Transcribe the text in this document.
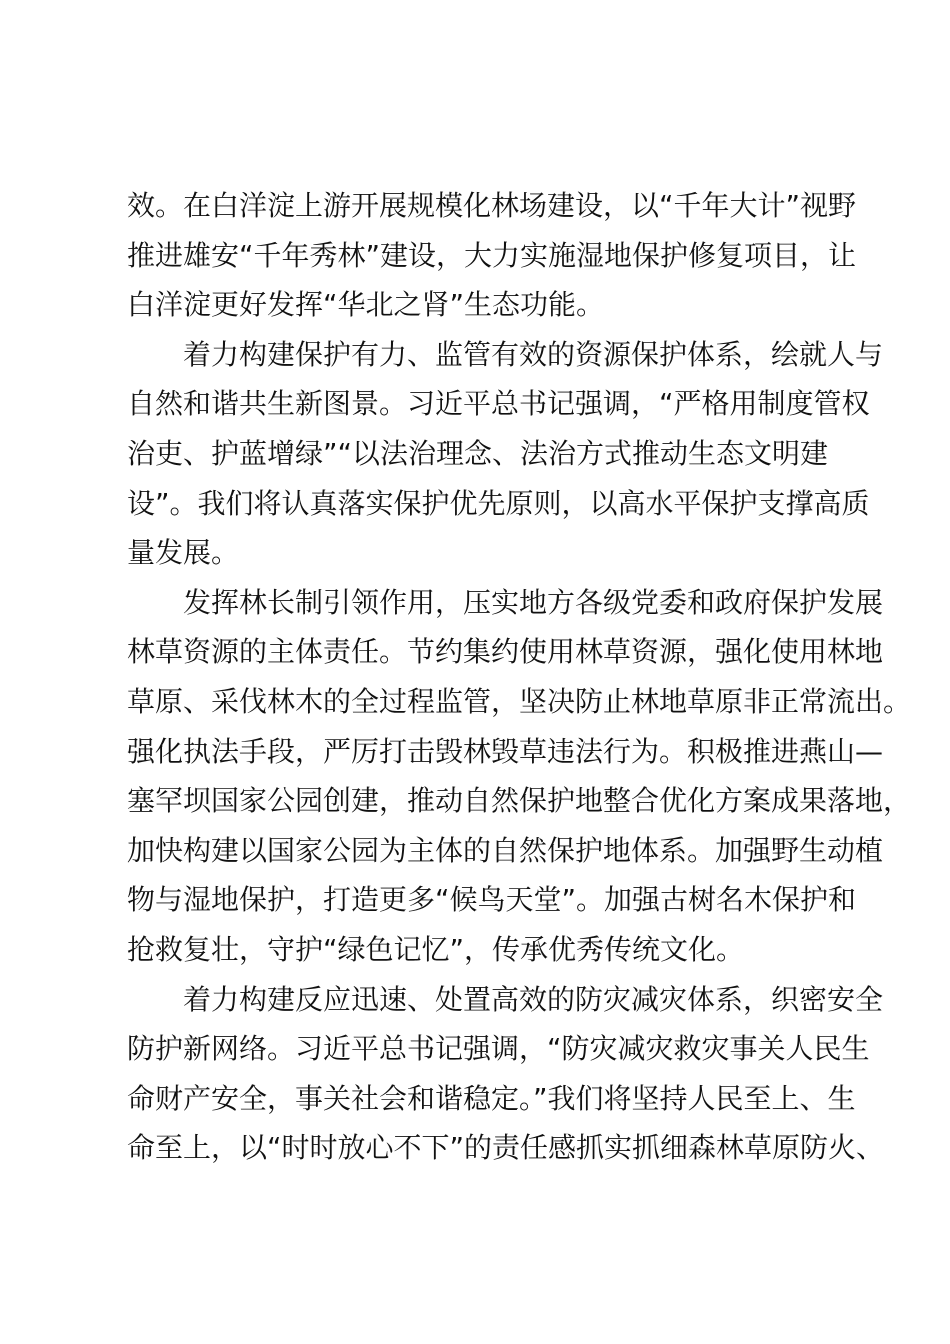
效。在白洋淀上游开展规模化林场建设，以“千年大计”视野
推进雄安“千年秀林”建设，大力实施湿地保护修复项目，让
白洋淀更好发挥“华北之肾”生态功能。
　　着力构建保护有力、监管有效的资源保护体系，绘就人与
自然和谐共生新图景。习近平总书记强调，“严格用制度管权
治吏、护蓝增绿”“以法治理念、法治方式推动生态文明建
设”。我们将认真落实保护优先原则，以高水平保护支撑高质
量发展。
　　发挥林长制引领作用，压实地方各级党委和政府保护发展
林草资源的主体责任。节约集约使用林草资源，强化使用林地
草原、采伐林木的全过程监管，坚决防止林地草原非正常流出。
强化执法手段，严厉打击毁林毁草违法行为。积极推进燕山—
塞罕坝国家公园创建，推动自然保护地整合优化方案成果落地，
加快构建以国家公园为主体的自然保护地体系。加强野生动植
物与湿地保护，打造更多“候鸟天堂”。加强古树名木保护和
抢救复壮，守护“绿色记忆”，传承优秀传统文化。
　　着力构建反应迅速、处置高效的防灾减灾体系，织密安全
防护新网络。习近平总书记强调，“防灾减灾救灾事关人民生
命财产安全，事关社会和谐稳定。”我们将坚持人民至上、生
命至上，以“时时放心不下”的责任感抓实抓细森林草原防火、
